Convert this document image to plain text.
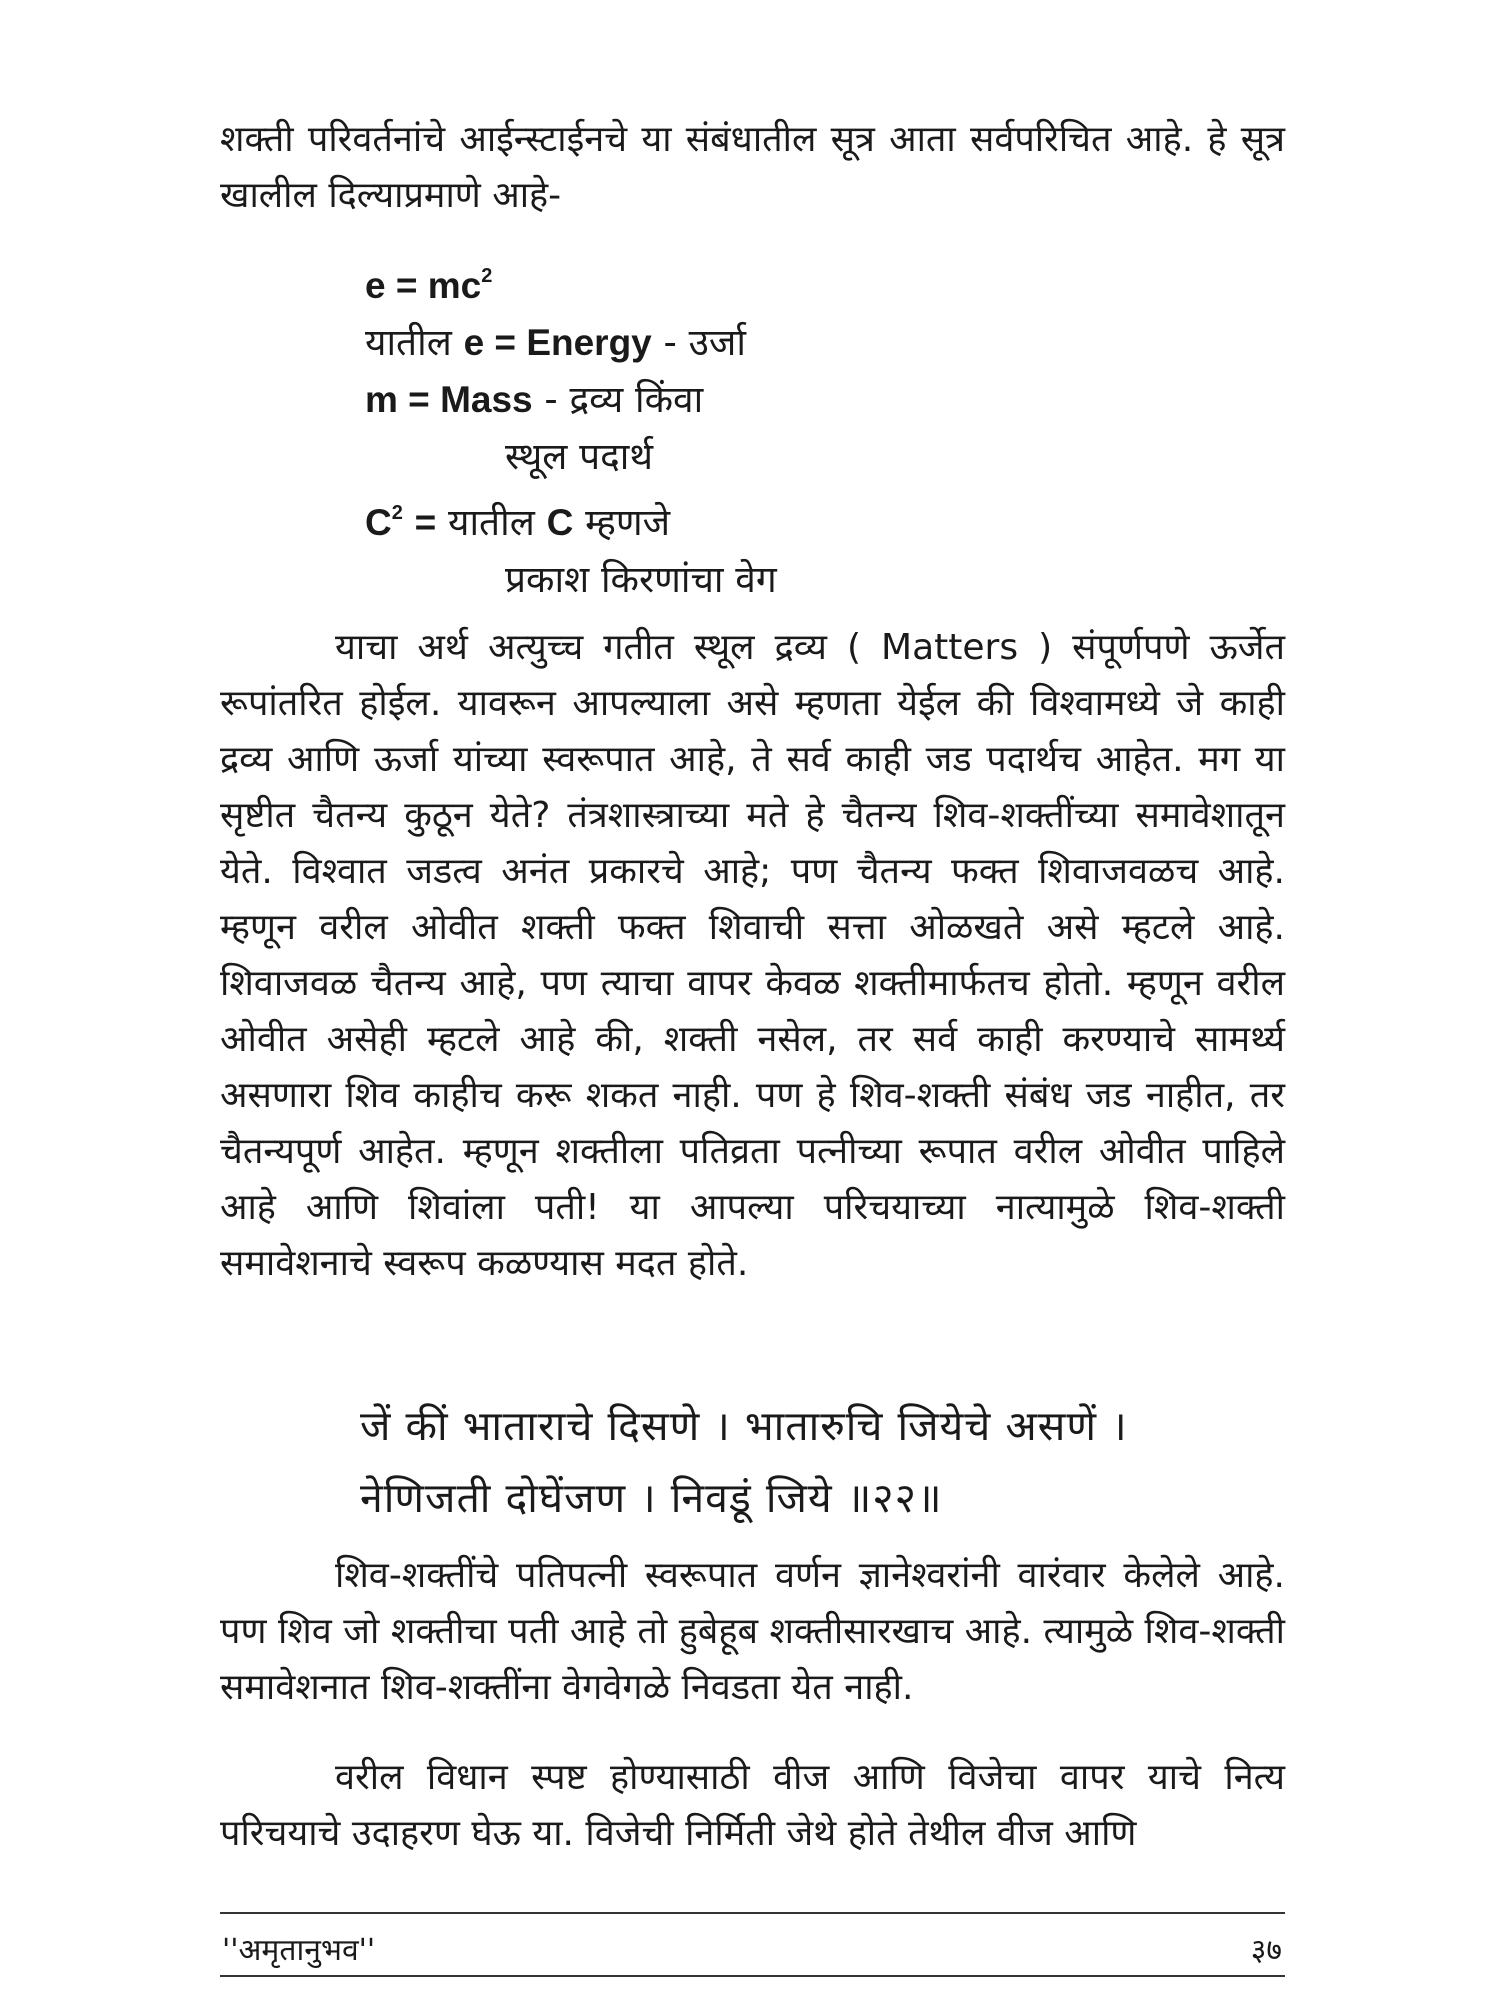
शक्ती परिवर्तनांचे आईन्स्टाईनचे या संबंधातील सूत्र आता सर्वपरिचित आहे. हे सूत्र खालील दिल्याप्रमाणे आहे-

$e = mc^2$
यातील e = Energy - उर्जा
m = Mass - द्रव्य किंवा
स्थूल पदार्थ
$C^2$ = यातील C म्हणजे
प्रकाश किरणांचा वेग

याचा अर्थ अत्युच्च गतीत स्थूल द्रव्य ( Matters ) संपूर्णपणे ऊर्जेत रूपांतरित होईल. यावरून आपल्याला असे म्हणता येईल की विश्वामध्ये जे काही द्रव्य आणि ऊर्जा यांच्या स्वरूपात आहे, ते सर्व काही जड पदार्थच आहेत. मग या सृष्टीत चैतन्य कुठून येते? तंत्रशास्त्राच्या मते हे चैतन्य शिव-शक्तींच्या समावेशातून येते. विश्वात जडत्व अनंत प्रकारचे आहे; पण चैतन्य फक्त शिवाजवळच आहे. म्हणून वरील ओवीत शक्ती फक्त शिवाची सत्ता ओळखते असे म्हटले आहे. शिवाजवळ चैतन्य आहे, पण त्याचा वापर केवळ शक्तीमार्फतच होतो. म्हणून वरील ओवीत असेही म्हटले आहे की, शक्ती नसेल, तर सर्व काही करण्याचे सामर्थ्य असणारा शिव काहीच करू शकत नाही. पण हे शिव-शक्ती संबंध जड नाहीत, तर चैतन्यपूर्ण आहेत. म्हणून शक्तीला पतिव्रता पत्नीच्या रूपात वरील ओवीत पाहिले आहे आणि शिवांला पती! या आपल्या परिचयाच्या नात्यामुळे शिव-शक्ती समावेशनाचे स्वरूप कळण्यास मदत होते.

जें कीं भाताराचे दिसणे । भातारुचि जियेचे असणें ।
नेणिजती दोघेंजण । निवडूं जिये ॥२२॥

शिव-शक्तींचे पतिपत्नी स्वरूपात वर्णन ज्ञानेश्वरांनी वारंवार केलेले आहे. पण शिव जो शक्तीचा पती आहे तो हुबेहूब शक्तीसारखाच आहे. त्यामुळे शिव-शक्ती समावेशनात शिव-शक्तींना वेगवेगळे निवडता येत नाही.

वरील विधान स्पष्ट होण्यासाठी वीज आणि विजेचा वापर याचे नित्य परिचयाचे उदाहरण घेऊ या. विजेची निर्मिती जेथे होते तेथील वीज आणि

''अमृतानुभव''	३७
